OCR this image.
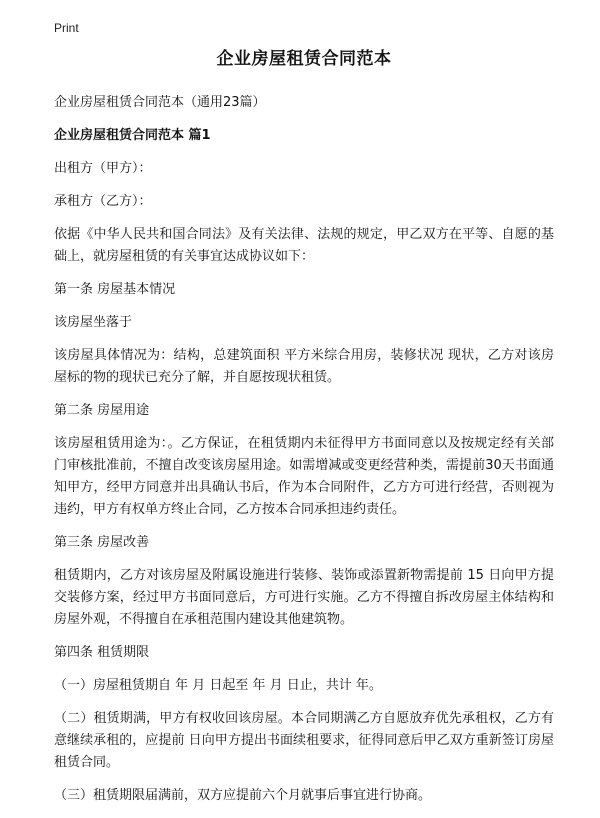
Print
企业房屋租赁合同范本

企业房屋租赁合同范本（通用23篇）

企业房屋租赁合同范本 篇1

出租方（甲方）：

承租方（乙方）：

依据《中华人民共和国合同法》及有关法律、法规的规定，甲乙双方在平等、自愿的基础上，就房屋租赁的有关事宜达成协议如下：

第一条 房屋基本情况

该房屋坐落于

该房屋具体情况为：结构，总建筑面积 平方米综合用房，装修状况 现状，乙方对该房屋标的物的现状已充分了解，并自愿按现状租赁。

第二条 房屋用途

该房屋租赁用途为：。乙方保证，在租赁期内未征得甲方书面同意以及按规定经有关部门审核批准前，不擅自改变该房屋用途。如需增减或变更经营种类，需提前30天书面通知甲方，经甲方同意并出具确认书后，作为本合同附件，乙方方可进行经营，否则视为违约，甲方有权单方终止合同，乙方按本合同承担违约责任。

第三条 房屋改善

租赁期内，乙方对该房屋及附属设施进行装修、装饰或添置新物需提前 15 日向甲方提交装修方案，经过甲方书面同意后，方可进行实施。乙方不得擅自拆改房屋主体结构和房屋外观，不得擅自在承租范围内建设其他建筑物。

第四条 租赁期限

（一）房屋租赁期自 年 月 日起至 年 月 日止，共计 年。

（二）租赁期满，甲方有权收回该房屋。本合同期满乙方自愿放弃优先承租权，乙方有意继续承租的，应提前 日向甲方提出书面续租要求，征得同意后甲乙双方重新签订房屋租赁合同。

（三）租赁期限届满前，双方应提前六个月就事后事宜进行协商。
